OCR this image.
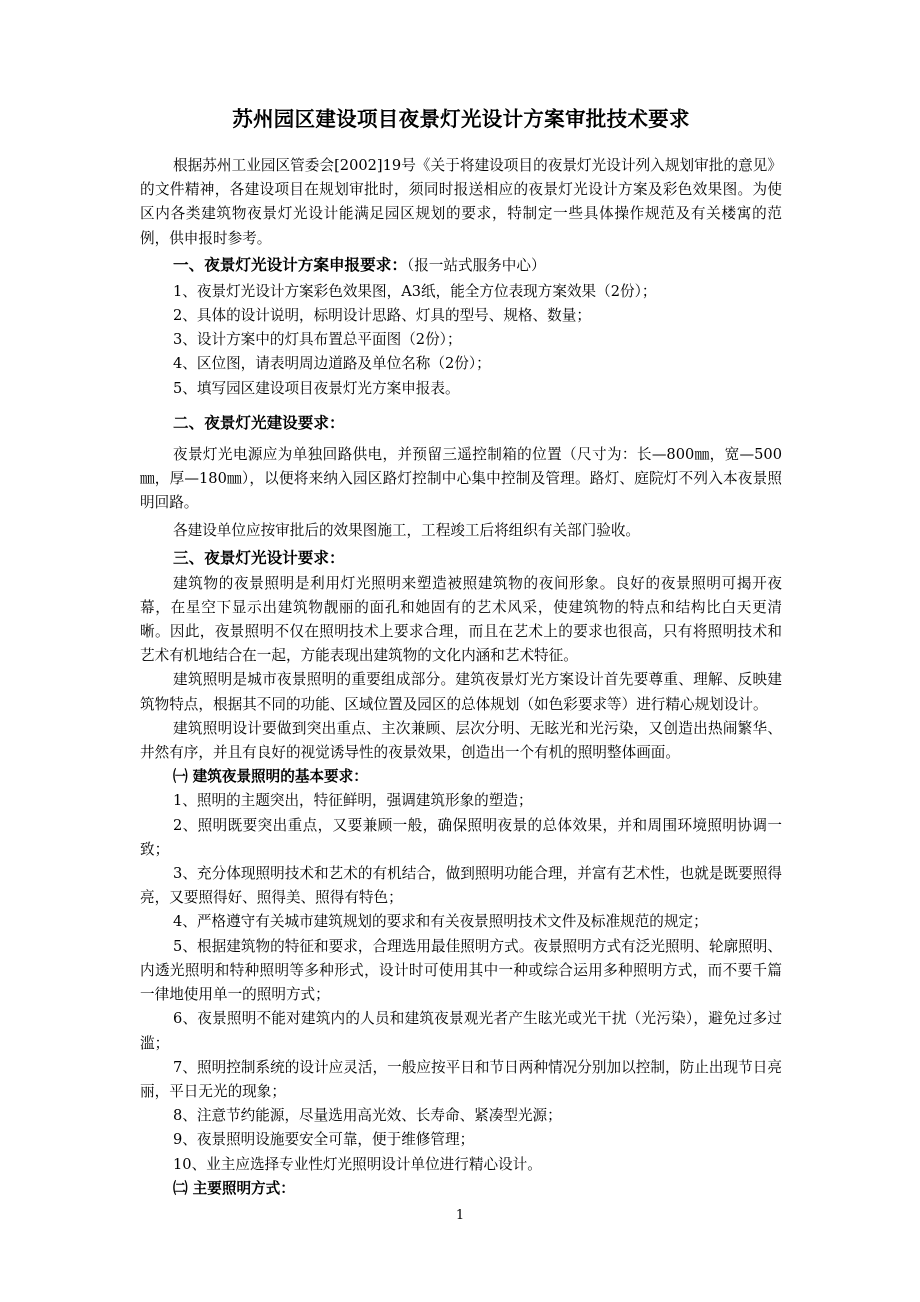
苏州园区建设项目夜景灯光设计方案审批技术要求

根据苏州工业园区管委会[2002]19号《关于将建设项目的夜景灯光设计列入规划审批的意见》的文件精神，各建设项目在规划审批时，须同时报送相应的夜景灯光设计方案及彩色效果图。为使区内各类建筑物夜景灯光设计能满足园区规划的要求，特制定一些具体操作规范及有关楼寓的范例，供申报时参考。

一、夜景灯光设计方案申报要求：（报一站式服务中心）

1、夜景灯光设计方案彩色效果图，A3纸，能全方位表现方案效果（2份）；

2、具体的设计说明，标明设计思路、灯具的型号、规格、数量；

3、设计方案中的灯具布置总平面图（2份）；

4、区位图，请表明周边道路及单位名称（2份）；

5、填写园区建设项目夜景灯光方案申报表。

二、夜景灯光建设要求：

夜景灯光电源应为单独回路供电，并预留三遥控制箱的位置（尺寸为：长—800㎜，宽—500㎜，厚—180㎜），以便将来纳入园区路灯控制中心集中控制及管理。路灯、庭院灯不列入本夜景照明回路。

各建设单位应按审批后的效果图施工，工程竣工后将组织有关部门验收。

三、夜景灯光设计要求：

建筑物的夜景照明是利用灯光照明来塑造被照建筑物的夜间形象。良好的夜景照明可揭开夜幕，在星空下显示出建筑物靓丽的面孔和她固有的艺术风采，使建筑物的特点和结构比白天更清晰。因此，夜景照明不仅在照明技术上要求合理，而且在艺术上的要求也很高，只有将照明技术和艺术有机地结合在一起，方能表现出建筑物的文化内涵和艺术特征。

建筑照明是城市夜景照明的重要组成部分。建筑夜景灯光方案设计首先要尊重、理解、反映建筑物特点，根据其不同的功能、区域位置及园区的总体规划（如色彩要求等）进行精心规划设计。

建筑照明设计要做到突出重点、主次兼顾、层次分明、无眩光和光污染，又创造出热闹繁华、井然有序，并且有良好的视觉诱导性的夜景效果，创造出一个有机的照明整体画面。

㈠ 建筑夜景照明的基本要求：

1、照明的主题突出，特征鲜明，强调建筑形象的塑造；

2、照明既要突出重点，又要兼顾一般，确保照明夜景的总体效果，并和周围环境照明协调一致；

3、充分体现照明技术和艺术的有机结合，做到照明功能合理，并富有艺术性，也就是既要照得亮，又要照得好、照得美、照得有特色；

4、严格遵守有关城市建筑规划的要求和有关夜景照明技术文件及标准规范的规定；

5、根据建筑物的特征和要求，合理选用最佳照明方式。夜景照明方式有泛光照明、轮廓照明、内透光照明和特种照明等多种形式，设计时可使用其中一种或综合运用多种照明方式，而不要千篇一律地使用单一的照明方式；

6、夜景照明不能对建筑内的人员和建筑夜景观光者产生眩光或光干扰（光污染），避免过多过滥；

7、照明控制系统的设计应灵活，一般应按平日和节日两种情况分别加以控制，防止出现节日亮丽，平日无光的现象；

8、注意节约能源，尽量选用高光效、长寿命、紧凑型光源；

9、夜景照明设施要安全可靠，便于维修管理；

10、业主应选择专业性灯光照明设计单位进行精心设计。

㈡ 主要照明方式：
1
